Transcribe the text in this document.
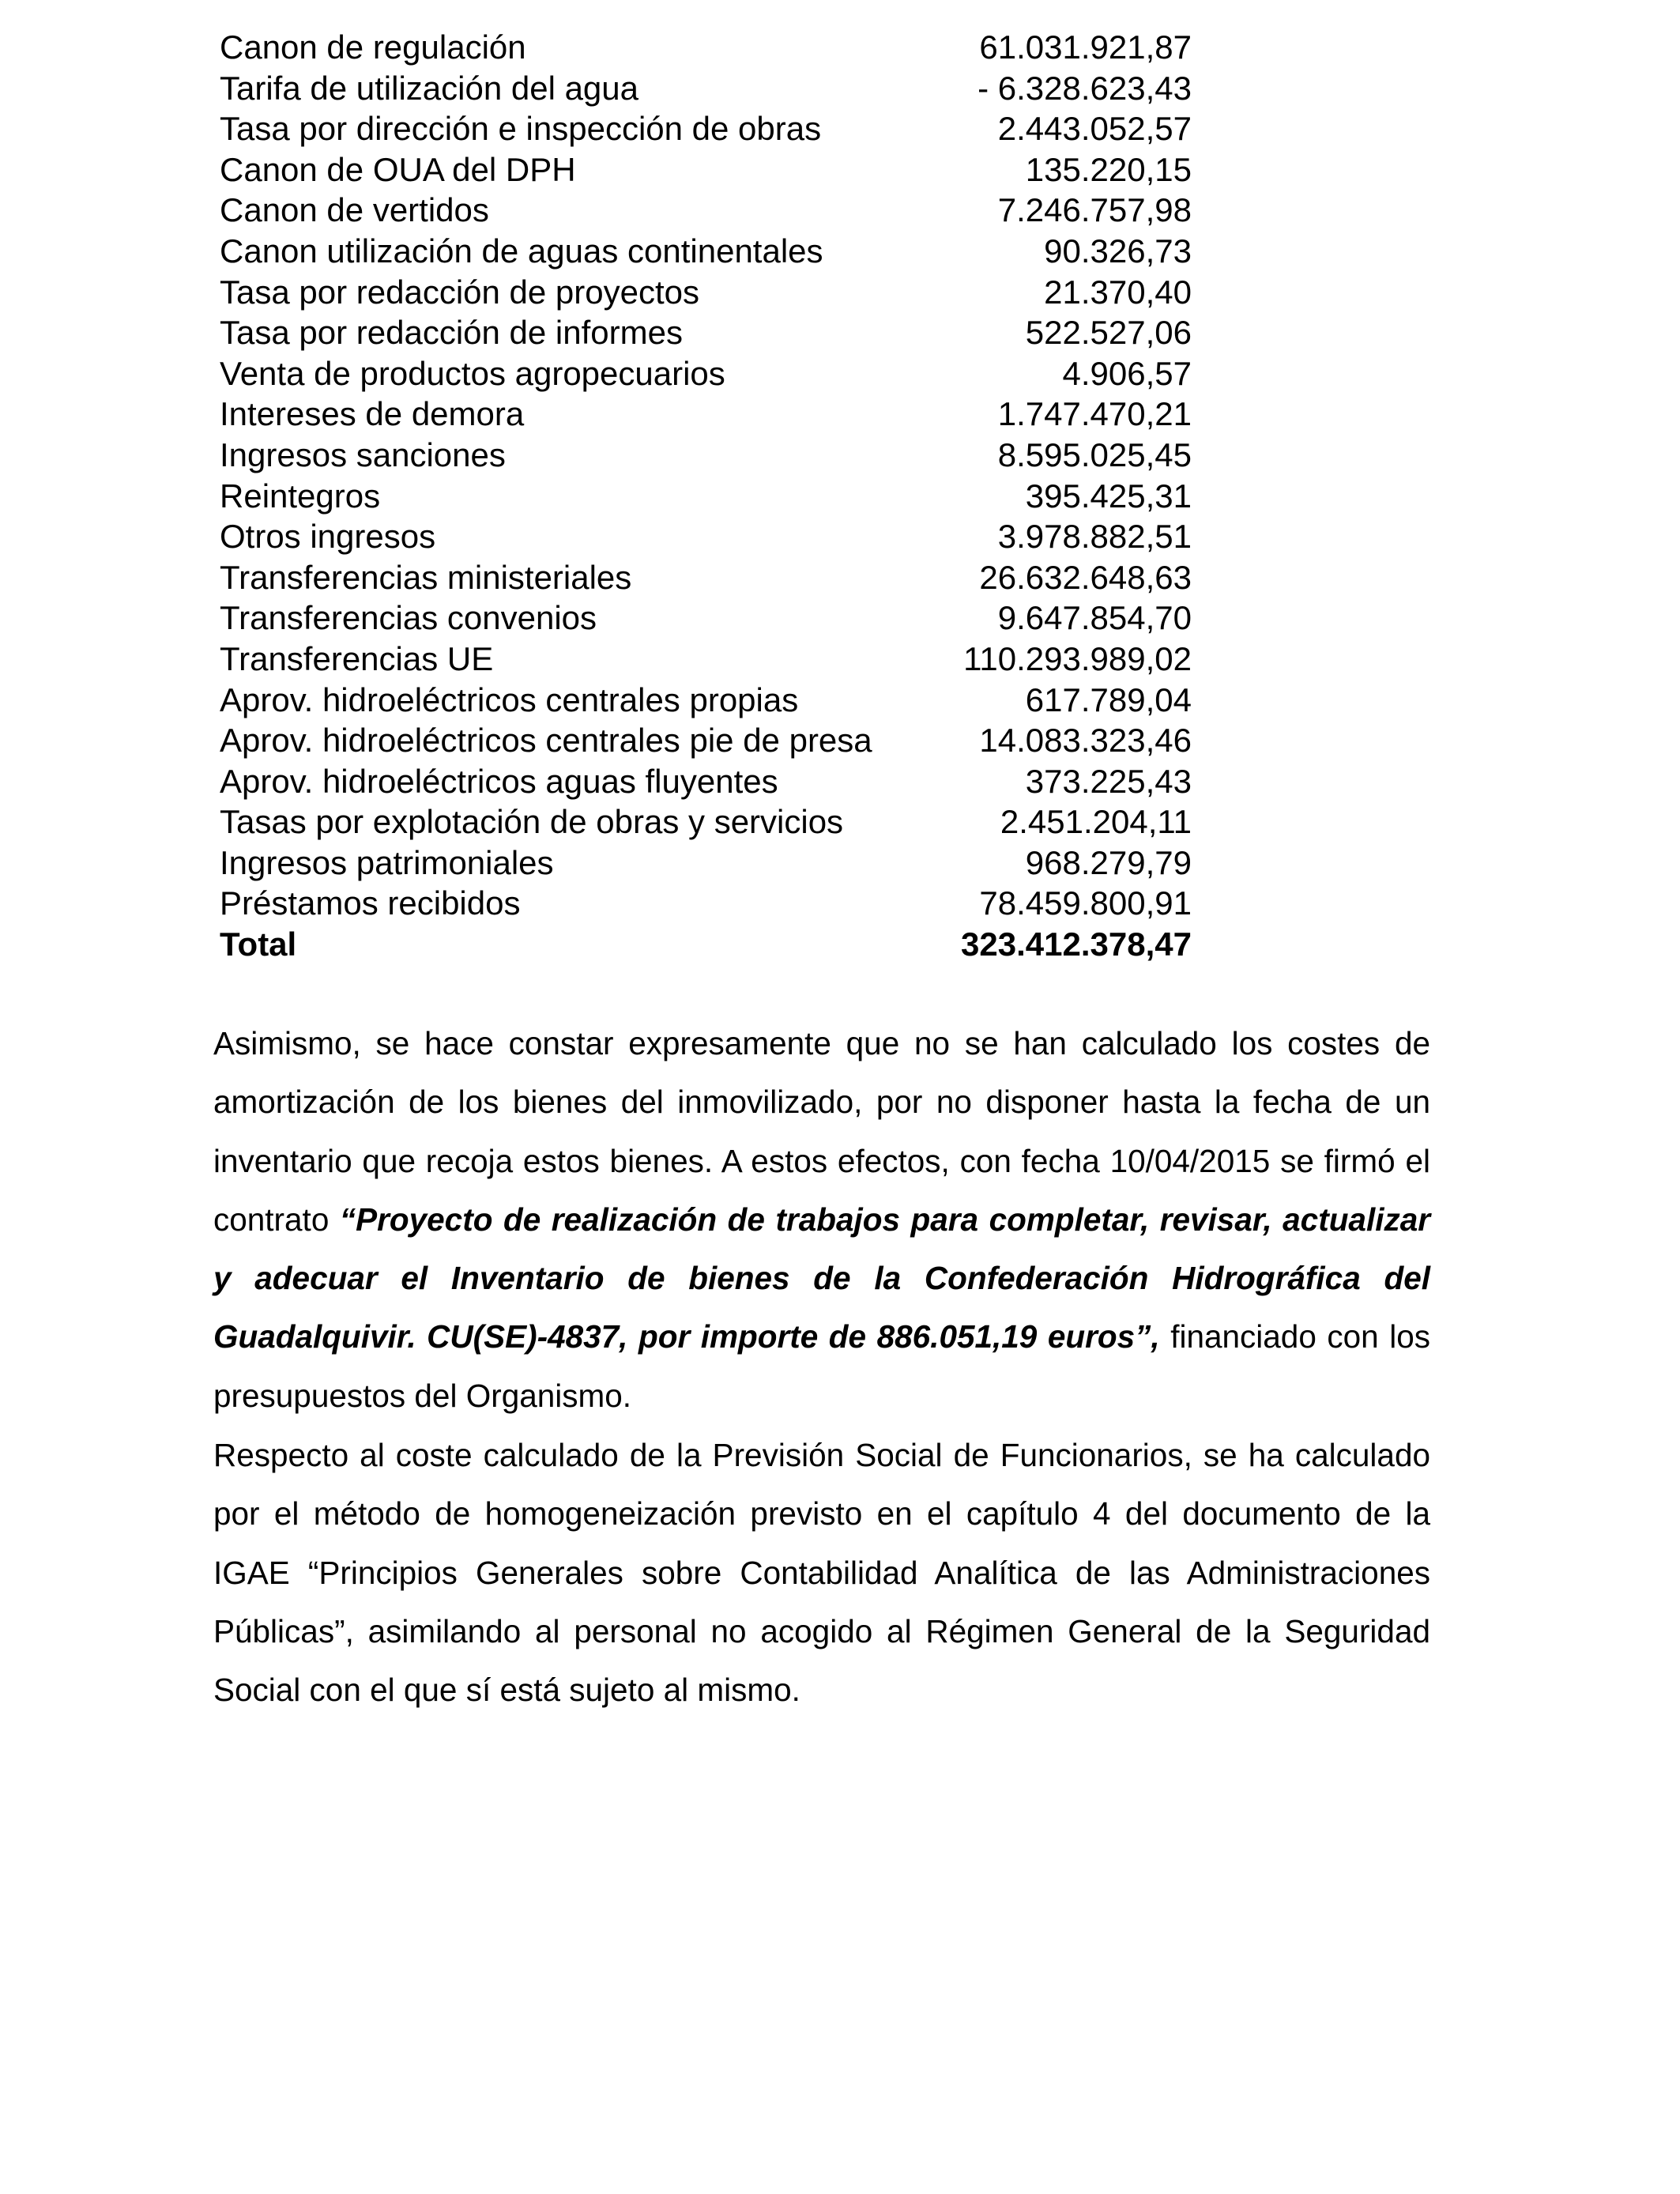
Canon de regulación	61.031.921,87
Tarifa de utilización del agua	- 6.328.623,43
Tasa por dirección e inspección de obras	2.443.052,57
Canon de OUA del DPH	135.220,15
Canon de vertidos	7.246.757,98
Canon utilización de aguas continentales	90.326,73
Tasa por redacción de proyectos	21.370,40
Tasa por redacción de informes	522.527,06
Venta de productos agropecuarios	4.906,57
Intereses de demora	1.747.470,21
Ingresos sanciones	8.595.025,45
Reintegros	395.425,31
Otros ingresos	3.978.882,51
Transferencias ministeriales	26.632.648,63
Transferencias convenios	9.647.854,70
Transferencias UE	110.293.989,02
Aprov. hidroeléctricos centrales propias	617.789,04
Aprov. hidroeléctricos centrales pie de presa	14.083.323,46
Aprov. hidroeléctricos aguas fluyentes	373.225,43
Tasas por explotación de obras y servicios	2.451.204,11
Ingresos patrimoniales	968.279,79
Préstamos recibidos	78.459.800,91
Total	323.412.378,47

Asimismo, se hace constar expresamente que no se han calculado los costes de amortización de los bienes del inmovilizado, por no disponer hasta la fecha de un inventario que recoja estos bienes. A estos efectos, con fecha 10/04/2015 se firmó el contrato “Proyecto de realización de trabajos para completar, revisar, actualizar y adecuar el Inventario de bienes de la Confederación Hidrográfica del Guadalquivir. CU(SE)-4837, por importe de 886.051,19 euros”, financiado con los presupuestos del Organismo.

Respecto al coste calculado de la Previsión Social de Funcionarios, se ha calculado por el método de homogeneización previsto en el capítulo 4 del documento de la IGAE “Principios Generales sobre Contabilidad Analítica de las Administraciones Públicas”, asimilando al personal no acogido al Régimen General de la Seguridad Social con el que sí está sujeto al mismo.
